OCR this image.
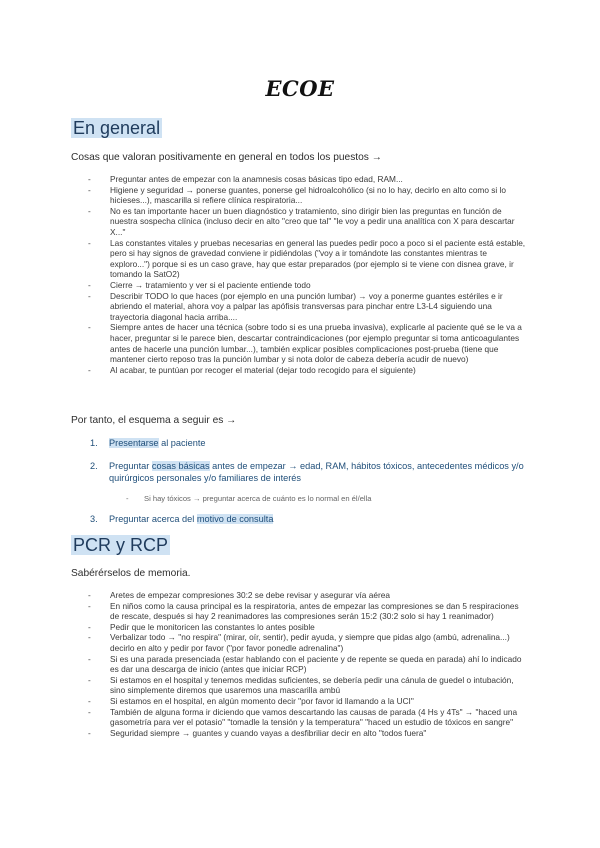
ECOE
En general
Cosas que valoran positivamente en general en todos los puestos →
- Preguntar antes de empezar con la anamnesis cosas básicas tipo edad, RAM...
- Higiene y seguridad → ponerse guantes, ponerse gel hidroalcohólico (si no lo hay, decirlo en alto como si lo hicieses...), mascarilla si refiere clínica respiratoria...
- No es tan importante hacer un buen diagnóstico y tratamiento, sino dirigir bien las preguntas en función de nuestra sospecha clínica (incluso decir en alto "creo que tal" "le voy a pedir una analítica con X para descartar X..."
- Las constantes vitales y pruebas necesarias en general las puedes pedir poco a poco si el paciente está estable, pero si hay signos de gravedad conviene ir pidiéndolas ("voy a ir tomándote las constantes mientras te exploro...") porque si es un caso grave, hay que estar preparados (por ejemplo si te viene con disnea grave, ir tomando la SatO2)
- Cierre → tratamiento y ver si el paciente entiende todo
- Describir TODO lo que haces (por ejemplo en una punción lumbar) → voy a ponerme guantes estériles e ir abriendo el material, ahora voy a palpar las apófisis transversas para pinchar entre L3-L4 siguiendo una trayectoria diagonal hacia arriba....
- Siempre antes de hacer una técnica (sobre todo si es una prueba invasiva), explicarle al paciente qué se le va a hacer, preguntar si le parece bien, descartar contraindicaciones (por ejemplo preguntar si toma anticoagulantes antes de hacerle una punción lumbar...), también explicar posibles complicaciones post-prueba (tiene que mantener cierto reposo tras la punción lumbar y si nota dolor de cabeza debería acudir de nuevo)
- Al acabar, te puntúan por recoger el material (dejar todo recogido para el siguiente)
Por tanto, el esquema a seguir es →
1.	Presentarse al paciente
2.	Preguntar cosas básicas antes de empezar → edad, RAM, hábitos tóxicos, antecedentes médicos y/o quirúrgicos personales y/o familiares de interés
- Si hay tóxicos → preguntar acerca de cuánto es lo normal en él/ella
3.	Preguntar acerca del motivo de consulta
PCR y RCP
Sabérérselos de memoria.
- Aretes de empezar compresiones 30:2 se debe revisar y asegurar vía aérea
- En niños como la causa principal es la respiratoria, antes de empezar las compresiones se dan 5 respiraciones de rescate, después si hay 2 reanimadores las compresiones serán 15:2 (30:2 solo si hay 1 reanimador)
- Pedir que le monitoricen las constantes lo antes posible
- Verbalizar todo → "no respira" (mirar, oír, sentir), pedir ayuda, y siempre que pidas algo (ambú, adrenalina...) decirlo en alto y pedir por favor ("por favor ponedle adrenalina")
- Si es una parada presenciada (estar hablando con el paciente y de repente se queda en parada) ahí lo indicado es dar una descarga de inicio (antes que iniciar RCP)
- Si estamos en el hospital y tenemos medidas suficientes, se debería pedir una cánula de guedel o intubación, sino simplemente diremos que usaremos una mascarilla ambú
- Si estamos en el hospital, en algún momento decir "por favor id llamando a la UCI"
- También de alguna forma ir diciendo que vamos descartando las causas de parada (4 Hs y 4Ts" → "haced una gasometría para ver el potasio" "tomadle la tensión y la temperatura" "haced un estudio de tóxicos en sangre"
- Seguridad siempre → guantes y cuando vayas a desfibriliar decir en alto "todos fuera"
